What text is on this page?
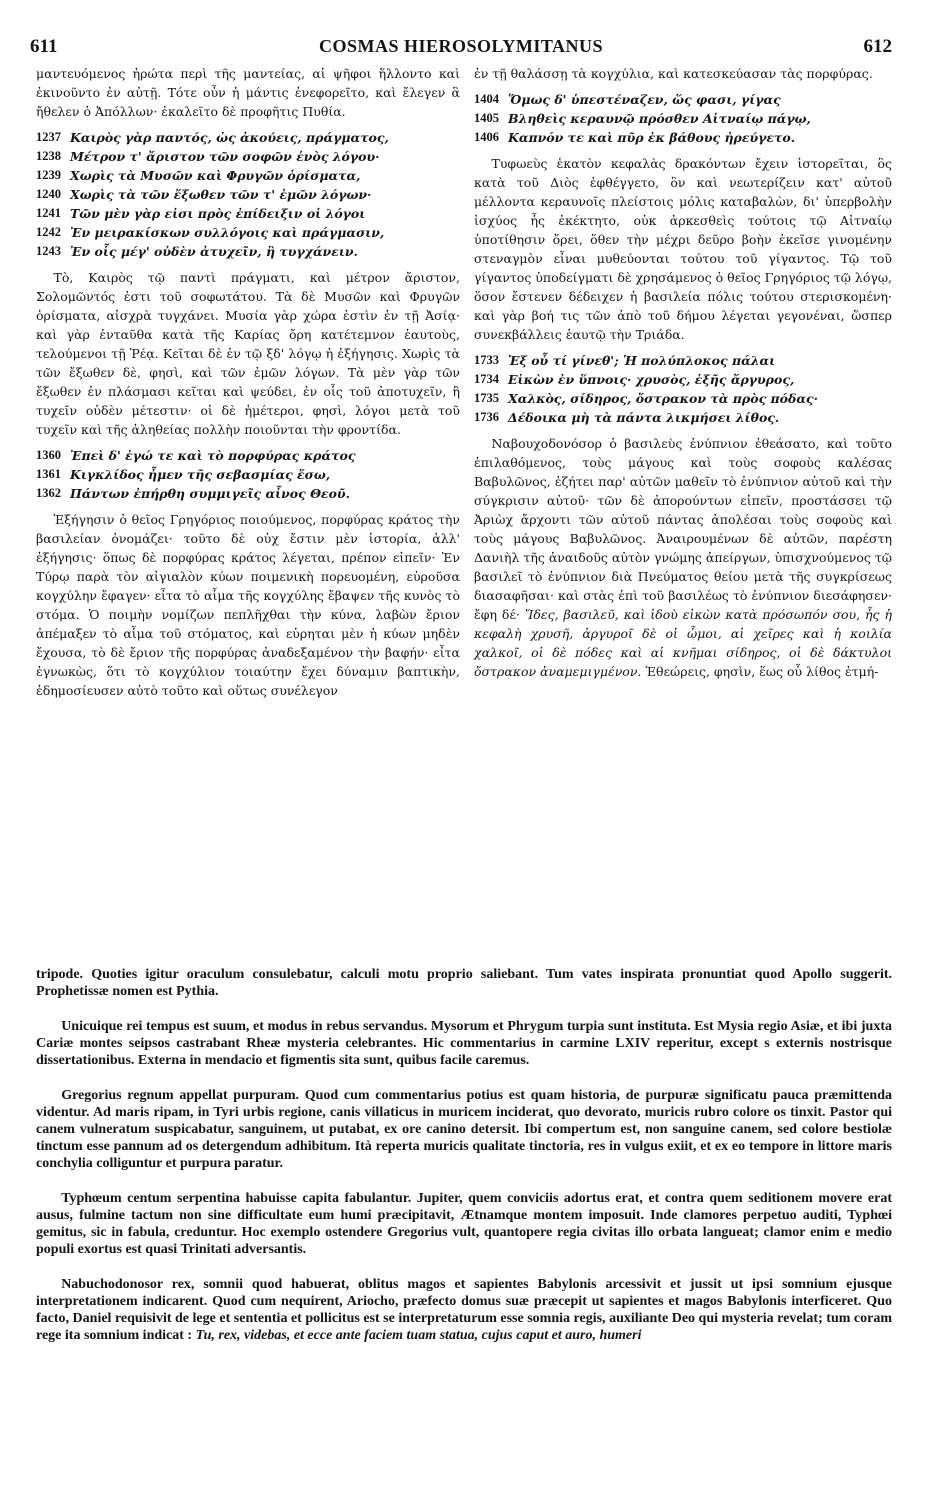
611	COSMAS HIEROSOLYMITANUS	612

μαντευόμενος ἠρώτα περὶ τῆς μαντείας, αἱ ψῆφοι ἥλλοντο καὶ ἐκινοῦντο ἐν αὐτῇ. Τότε οὖν ἡ μάντις ἐνεφορεῖτο, καὶ ἔλεγεν ἃ ἤθελεν ὁ Ἀπόλλων· ἐκαλεῖτο δὲ προφῆτις Πυθία.

1237 Καιρὸς γὰρ παντός, ὡς ἀκούεις, πράγματος,
1238 Μέτρον τ' ἄριστον τῶν σοφῶν ἑνὸς λόγου·
1239 Χωρὶς τὰ Μυσῶν καὶ Φρυγῶν ὁρίσματα,
1240 Χωρὶς τὰ τῶν ἔξωθεν τῶν τ' ἐμῶν λόγων·
1241 Τῶν μὲν γὰρ εἰσι πρὸς ἐπίδειξιν οἱ λόγοι
1242 Ἐν μειρακίσκων συλλόγοις καὶ πράγμασιν,
1243 Ἐν οἷς μέγ' οὐδὲν ἀτυχεῖν, ἢ τυγχάνειν.

Τὸ, Καιρὸς τῷ παντὶ πράγματι, καὶ μέτρον ἄριστον, Σολομῶντός ἐστι τοῦ σοφωτάτου. Τὰ δὲ Μυσῶν καὶ Φρυγῶν ὁρίσματα, αἰσχρὰ τυγχάνει. Μυσία γὰρ χώρα ἐστὶν ἐν τῇ Ἀσίᾳ· καὶ γὰρ ἐνταῦθα κατὰ τῆς Καρίας ὄρη κατέτεμνον ἑαυτοὺς, τελούμενοι τῇ Ῥέᾳ. Κεῖται δὲ ἐν τῷ ξδ' λόγῳ ἡ ἐξήγησις. Χωρὶς τὰ τῶν ἔξωθεν δὲ, φησὶ, καὶ τῶν ἐμῶν λόγων. Τὰ μὲν γὰρ τῶν ἔξωθεν ἐν πλάσμασι κεῖται καὶ ψεύδει, ἐν οἷς τοῦ ἀποτυχεῖν, ἢ τυχεῖν οὐδὲν μέτεστιν· οἱ δὲ ἡμέτεροι, φησὶ, λόγοι μετὰ τοῦ τυχεῖν καὶ τῆς ἀληθείας πολλὴν ποιοῦνται τὴν φροντίδα.

1360 Ἐπεὶ δ' ἐγώ τε καὶ τὸ πορφύρας κράτος
1361 Κιγκλίδος ἦμεν τῆς σεβασμίας ἔσω,
1362 Πάντων ἐπήρθη συμμιγεῖς αἶνος Θεοῦ.

Ἐξήγησιν ὁ θεῖος Γρηγόριος ποιούμενος, πορφύρας κράτος τὴν βασιλείαν ὀνομάζει· τοῦτο δὲ οὐχ ἔστιν μὲν ἱστορία, ἀλλ' ἐξήγησις· ὅπως δὲ πορφύρας κράτος λέγεται, πρέπον εἰπεῖν· Ἐν Τύρῳ παρὰ τὸν αἰγιαλὸν κύων ποιμενικὴ πορευομένη, εὑροῦσα κογχύλην ἔφαγεν· εἶτα τὸ αἷμα τῆς κογχύλης ἔβαψεν τῆς κυνὸς τὸ στόμα. Ὁ ποιμὴν νομίζων πεπλῆχθαι τὴν κύνα, λαβὼν ἔριον ἀπέμαξεν τὸ αἷμα τοῦ στόματος, καὶ εὑρηται μὲν ἡ κύων μηδὲν ἔχουσα, τὸ δὲ ἔριον τῆς πορφύρας ἀναδεξαμένον τὴν βαφήν· εἶτα ἐγνωκὼς, ὅτι τὸ κογχύλιον τοιαύτην ἔχει δύναμιν βαπτικὴν, ἐδημοσίευσεν αὐτὸ τοῦτο καὶ οὕτως συνέλεγον

ἐν τῇ θαλάσσῃ τὰ κογχύλια, καὶ κατεσκεύασαν τὰς πορφύρας.

1404 Ὅμως δ' ὑπεστέναζεν, ὥς φασι, γίγας
1405 Βληθεὶς κεραυνῷ πρόσθεν Αἰτναίῳ πάγῳ,
1406 Καπνόν τε καὶ πῦρ ἐκ βάθους ἠρεύγετο.

Τυφωεὺς ἑκατὸν κεφαλὰς δρακόντων ἔχειν ἱστορεῖται, ὃς κατὰ τοῦ Διὸς ἐφθέγγετο, ὃν καὶ νεωτερίζειν κατ' αὐτοῦ μέλλοντα κεραυνοῖς πλείστοις μόλις καταβαλὼν, δι' ὑπερβολὴν ἰσχύος ἧς ἐκέκτητο, οὐκ ἀρκεσθεὶς τούτοις τῷ Αἰτναίῳ ὑποτίθησιν ὄρει, ὅθεν τὴν μέχρι δεῦρο βοὴν ἐκεῖσε γινομένην στεναγμὸν εἶναι μυθεύονται τούτου τοῦ γίγαντος. Τῷ τοῦ γίγαντος ὑποδείγματι δὲ χρησάμενος ὁ θεῖος Γρηγόριος τῷ λόγῳ, ὅσον ἔστενεν δέδειχεν ἡ βασιλεία πόλις τούτου στερισκομένη· καὶ γὰρ βοή τις τῶν ἀπὸ τοῦ δήμου λέγεται γεγονέναι, ὥσπερ συνεκβάλλεις ἑαυτῷ τὴν Τριάδα.

1733 Ἐξ οὗ τί γίνεθ'; Ἡ πολύπλοκος πάλαι
1734 Εἰκὼν ἐν ὕπνοις· χρυσὸς, ἑξῆς ἄργυρος,
1735 Χαλκὸς, σίδηρος, ὄστρακον τὰ πρὸς πόδας·
1736 Δέδοικα μὴ τὰ πάντα λικμήσει λίθος.

Ναβουχοδονόσορ ὁ βασιλεὺς ἐνύπνιον ἐθεάσατο, καὶ τοῦτο ἐπιλαθόμενος, τοὺς μάγους καὶ τοὺς σοφοὺς καλέσας Βαβυλῶνος, ἐζήτει παρ' αὐτῶν μαθεῖν τὸ ἐνύπνιον αὐτοῦ καὶ τὴν σύγκρισιν αὐτοῦ· τῶν δὲ ἀπορούντων εἰπεῖν, προστάσσει τῷ Ἀριὼχ ἄρχοντι τῶν αὐτοῦ πάντας ἀπολέσαι τοὺς σοφοὺς καὶ τοὺς μάγους Βαβυλῶνος. Ἀναιρουμένων δὲ αὐτῶν, παρέστη Δανιὴλ τῆς ἀναιδοῦς αὐτὸν γνώμης ἀπείργων, ὑπισχνούμενος τῷ βασιλεῖ τὸ ἐνύπνιον διὰ Πνεύματος θείου μετὰ τῆς συγκρίσεως διασαφῆσαι· καὶ στὰς ἐπὶ τοῦ βασιλέως τὸ ἐνύπνιον διεσάφησεν· ἔφη δέ· Ἴδες, βασιλεῦ, καὶ ἰδοὺ εἰκὼν κατὰ πρόσωπόν σου, ἧς ἡ κεφαλὴ χρυσῆ, ἀργυροῖ δὲ οἱ ὦμοι, αἱ χεῖρες καὶ ἡ κοιλία χαλκοῖ, οἱ δὲ πόδες καὶ αἱ κνῆμαι σίδηρος, οἱ δὲ δάκτυλοι ὄστρακον ἀναμεμιγμένον. Ἐθεώρεις, φησὶν, ἕως οὗ λίθος ἐτμή-

tripode. Quoties igitur oraculum consulebatur, calculi motu proprio saliebant. Tum vates inspirata pronuntiat quod Apollo suggerit. Prophetissæ nomen est Pythia.

Unicuique rei tempus est suum, et modus in rebus servandus. Mysorum et Phrygum turpia sunt instituta. Est Mysia regio Asiæ, et ibi juxta Cariæ montes seipsos castrabant Rheæ mysteria celebrantes. Hic commentarius in carmine LXIV reperitur, except s externis nostrisque dissertationibus. Externa in mendacio et figmentis sita sunt, quibus facile caremus.

Gregorius regnum appellat purpuram. Quod cum commentarius potius est quam historia, de purpuræ significatu pauca præmittenda videntur. Ad maris ripam, in Tyri urbis regione, canis villaticus in muricem inciderat, quo devorato, muricis rubro colore os tinxit. Pastor qui canem vulneratum suspicabatur, sanguinem, ut putabat, ex ore canino detersit. Ibi compertum est, non sanguine canem, sed colore bestiolæ tinctum esse pannum ad os detergendum adhibitum. Ità reperta muricis qualitate tinctoria, res in vulgus exiit, et ex eo tempore in littore maris conchylia colliguntur et purpura paratur.

Typhœum centum serpentina habuisse capita fabulantur. Jupiter, quem conviciis adortus erat, et contra quem seditionem movere erat ausus, fulmine tactum non sine difficultate eum humi præcipitavit, Ætnamque montem imposuit. Inde clamores perpetuo auditi, Typhœi gemitus, sic in fabula, creduntur. Hoc exemplo ostendere Gregorius vult, quantopere regia civitas illo orbata langueat; clamor enim e medio populi exortus est quasi Trinitati adversantis.

Nabuchodonosor rex, somnii quod habuerat, oblitus magos et sapientes Babylonis arcessivit et jussit ut ipsi somnium ejusque interpretationem indicarent. Quod cum nequirent, Ariocho, præfecto domus suæ præcepit ut sapientes et magos Babylonis interficeret. Quo facto, Daniel requisivit de lege et sententia et pollicitus est se interpretaturum esse somnia regis, auxiliante Deo qui mysteria revelat; tum coram rege ita somnium indicat : Tu, rex, videbas, et ecce ante faciem tuam statua, cujus caput et auro, humeri
